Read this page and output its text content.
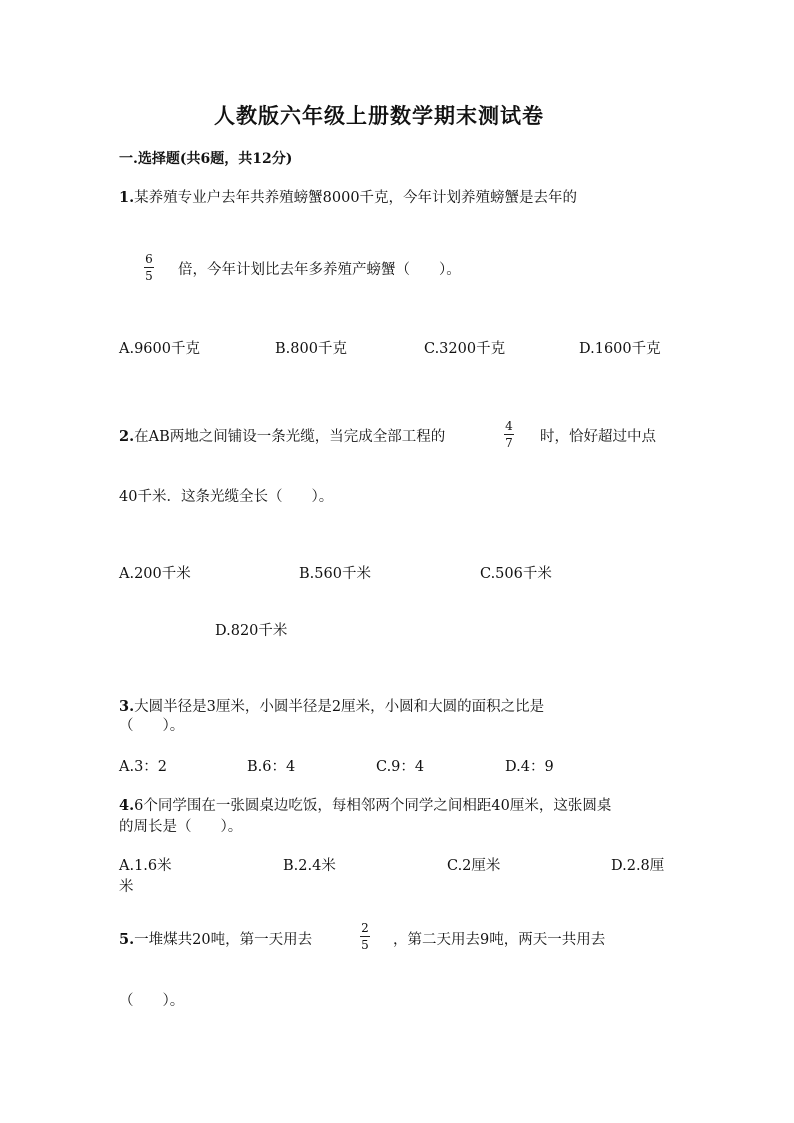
人教版六年级上册数学期末测试卷
一.选择题(共6题，共12分)
1.某养殖专业户去年共养殖螃蟹8000千克，今年计划养殖螃蟹是去年的
6
5 倍，今年计划比去年多养殖产螃蟹（　　）。
A.9600千克	B.800千克	C.3200千克	D.1600千克
2.在AB两地之间铺设一条光缆，当完成全部工程的
4
7 时，恰好超过中点
40千米．这条光缆全长（　　）。
A.200千米	B.560千米	C.506千米
D.820千米
3.大圆半径是3厘米，小圆半径是2厘米，小圆和大圆的面积之比是
（　　）。
A.3：2	B.6：4	C.9：4	D.4：9
4.6个同学围在一张圆桌边吃饭，每相邻两个同学之间相距40厘米，这张圆桌
的周长是（　　）。
A.1.6米	B.2.4米	C.2厘米	D.2.8厘
米
5.一堆煤共20吨，第一天用去
2
5 ，第二天用去9吨，两天一共用去
（　　）。
